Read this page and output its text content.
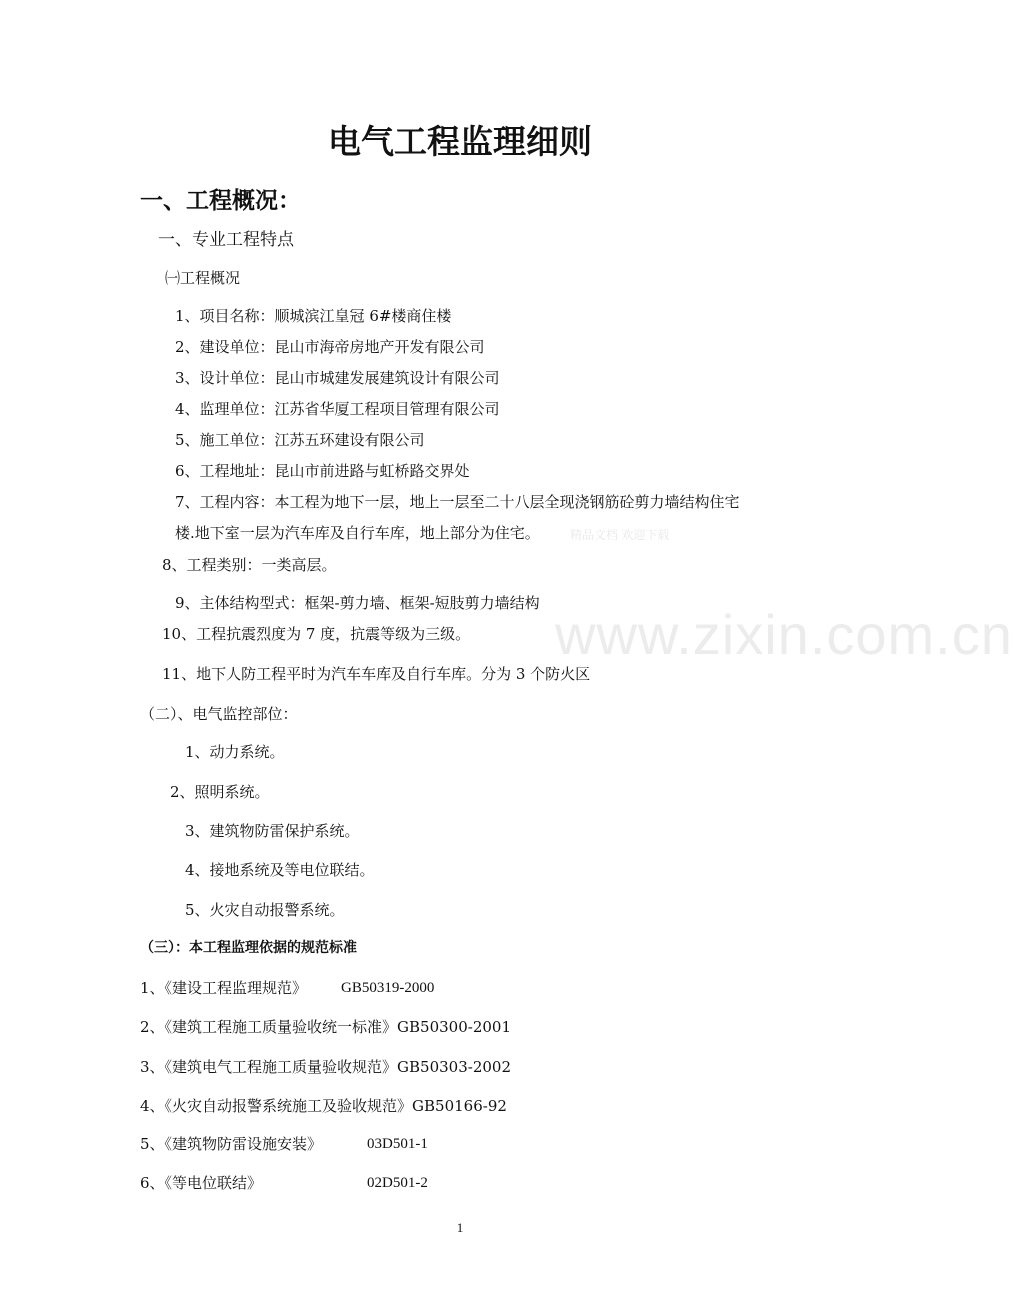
www.zixin.com.cn
精品文档 欢迎下载
电气工程监理细则
一、工程概况：
一、专业工程特点
㈠工程概况
1、项目名称：顺城滨江皇冠 6#楼商住楼
2、建设单位：昆山市海帝房地产开发有限公司
3、设计单位：昆山市城建发展建筑设计有限公司
4、监理单位：江苏省华厦工程项目管理有限公司
5、施工单位：江苏五环建设有限公司
6、工程地址：昆山市前进路与虹桥路交界处
7、工程内容：本工程为地下一层，地上一层至二十八层全现浇钢筋砼剪力墙结构住宅
楼.地下室一层为汽车库及自行车库，地上部分为住宅。
8、工程类别：一类高层。
9、主体结构型式：框架-剪力墙、框架-短肢剪力墙结构
10、工程抗震烈度为 7 度，抗震等级为三级。
11、地下人防工程平时为汽车车库及自行车库。分为 3 个防火区
（二）、电气监控部位：
1、动力系统。
2、照明系统。
3、建筑物防雷保护系统。
4、接地系统及等电位联结。
5、火灾自动报警系统。
（三）：本工程监理依据的规范标准
1、《建设工程监理规范》 GB50319-2000
2、《建筑工程施工质量验收统一标准》GB50300-2001
3、《建筑电气工程施工质量验收规范》GB50303-2002
4、《火灾自动报警系统施工及验收规范》GB50166-92
5、《建筑物防雷设施安装》	03D501-1
6、《等电位联结》	02D501-2
1
